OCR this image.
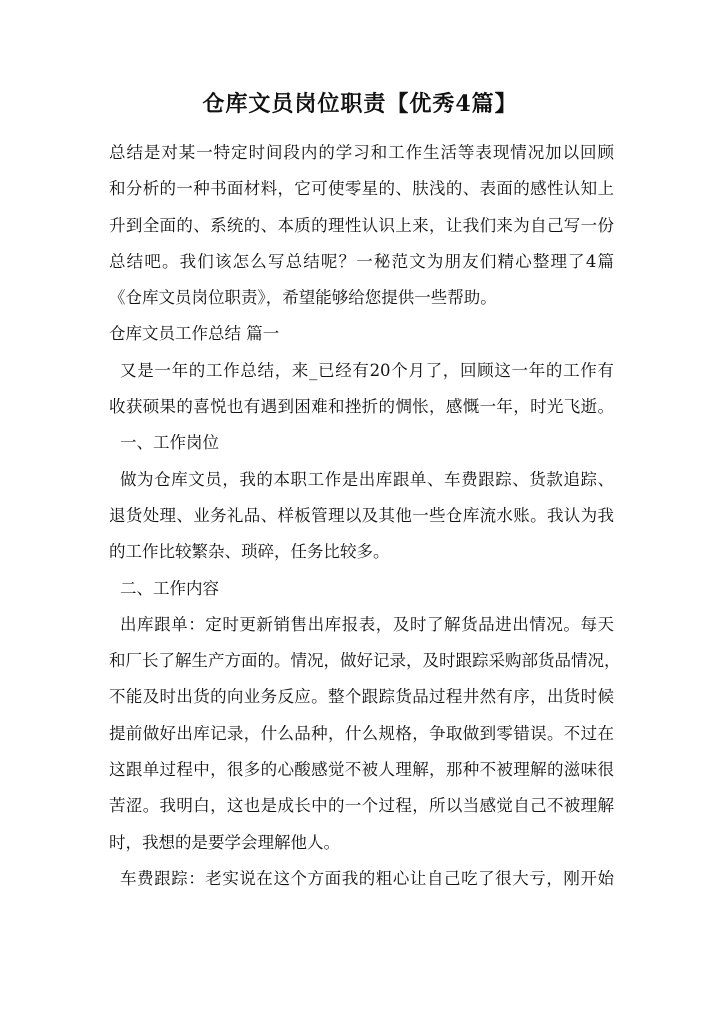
仓库文员岗位职责【优秀4篇】
总结是对某一特定时间段内的学习和工作生活等表现情况加以回顾
和分析的一种书面材料，它可使零星的、肤浅的、表面的感性认知上
升到全面的、系统的、本质的理性认识上来，让我们来为自己写一份
总结吧。我们该怎么写总结呢？一秘范文为朋友们精心整理了4篇
《仓库文员岗位职责》，希望能够给您提供一些帮助。
仓库文员工作总结 篇一
又是一年的工作总结，来_已经有20个月了，回顾这一年的工作有
收获硕果的喜悦也有遇到困难和挫折的惆怅，感慨一年，时光飞逝。
一、工作岗位
做为仓库文员，我的本职工作是出库跟单、车费跟踪、货款追踪、
退货处理、业务礼品、样板管理以及其他一些仓库流水账。我认为我
的工作比较繁杂、琐碎，任务比较多。
二、工作内容
出库跟单：定时更新销售出库报表，及时了解货品进出情况。每天
和厂长了解生产方面的。情况，做好记录，及时跟踪采购部货品情况，
不能及时出货的向业务反应。整个跟踪货品过程井然有序，出货时候
提前做好出库记录，什么品种，什么规格，争取做到零错误。不过在
这跟单过程中，很多的心酸感觉不被人理解，那种不被理解的滋味很
苦涩。我明白，这也是成长中的一个过程，所以当感觉自己不被理解
时，我想的是要学会理解他人。
车费跟踪：老实说在这个方面我的粗心让自己吃了很大亏，刚开始
